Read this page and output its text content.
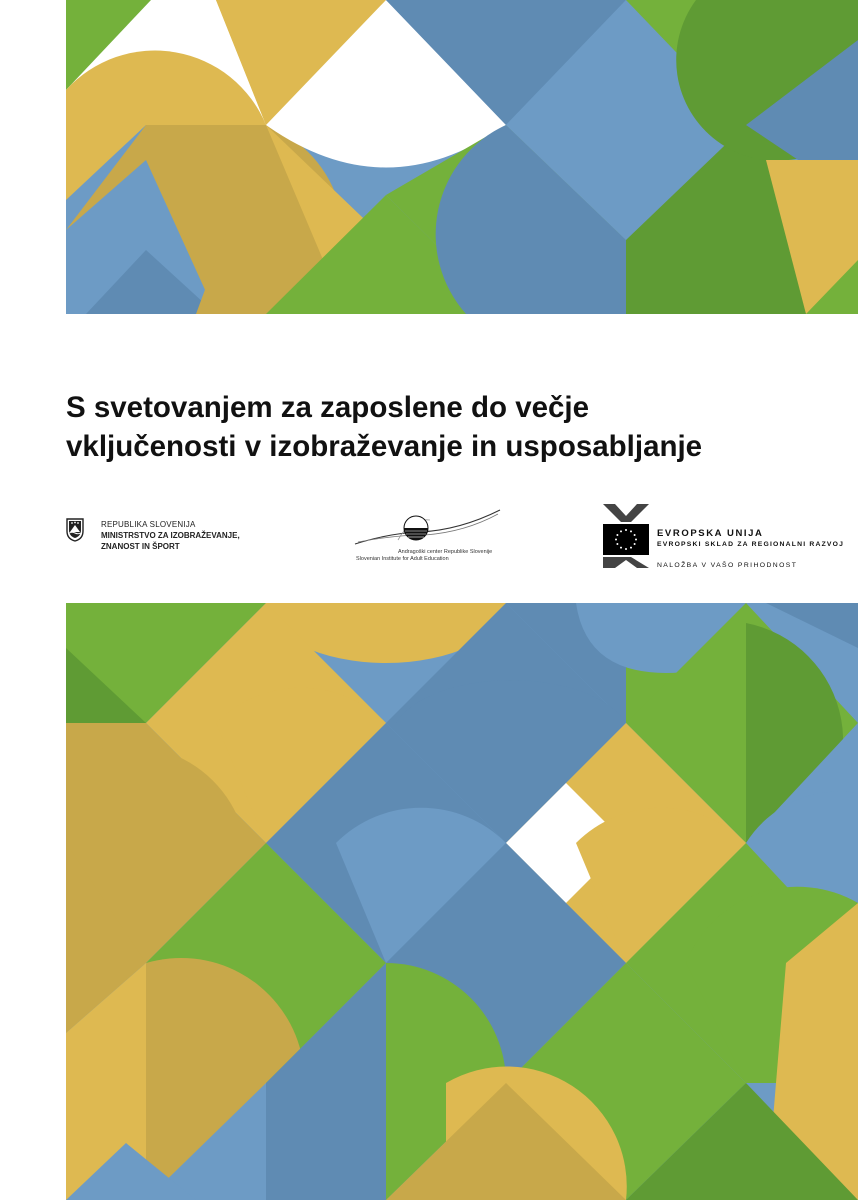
S svetovanjem za zaposlene do večje
vključenosti v izobraževanje in usposabljanje
REPUBLIKA SLOVENIJA
MINISTRSTVO ZA IZOBRAŽEVANJE,
ZNANOST IN ŠPORT
Andragoški center Republike Slovenije
Slovenian Institute for Adult Education
EVROPSKA UNIJA
EVROPSKI SKLAD ZA REGIONALNI RAZVOJ
NALOŽBA V VAŠO PRIHODNOST
